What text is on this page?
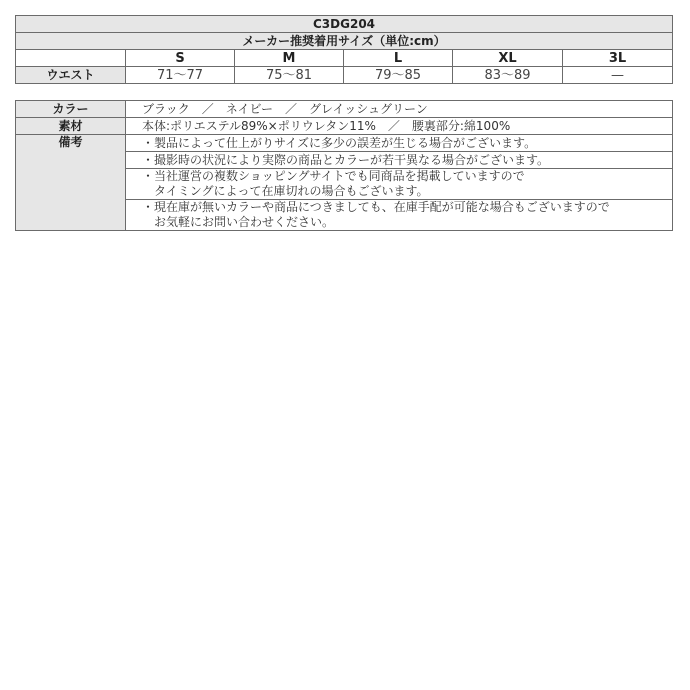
C3DG204					
メーカー推奨着用サイズ（単位:cm）					
	S	M	L	XL	3L
ウエスト	71～77	75～81	79～85	83～89	—
カラー	ブラック　／　ネイビー　／　グレイッシュグリーン
素材	本体:ポリエステル89%×ポリウレタン11%　／　腰裏部分:綿100%
備考	・製品によって仕上がりサイズに多少の誤差が生じる場合がございます。
	・撮影時の状況により実際の商品とカラーが若干異なる場合がございます。

	・当社運営の複数ショッピングサイトでも同商品を掲載していますので
　タイミングによって在庫切れの場合もございます。

	・現在庫が無いカラーや商品につきましても、在庫手配が可能な場合もございますので
　お気軽にお問い合わせください。
